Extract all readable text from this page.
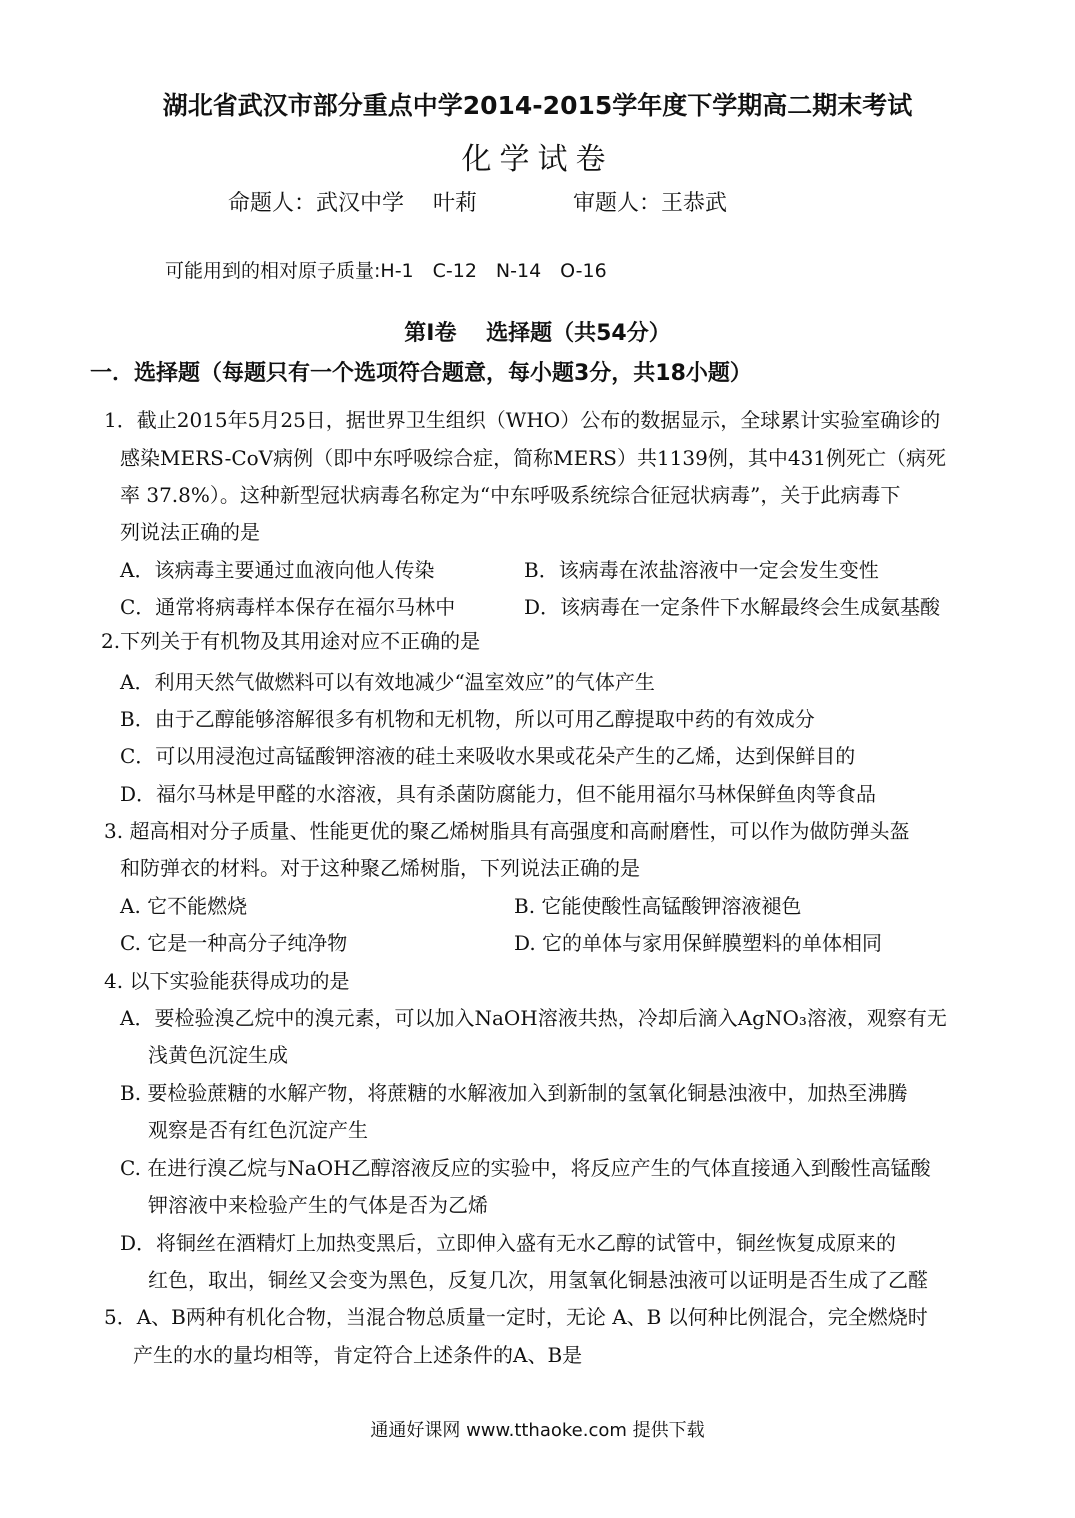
湖北省武汉市部分重点中学2014-2015学年度下学期高二期末考试
化学试卷
命题人：武汉中学　 叶莉	审题人：王恭武
可能用到的相对原子质量:H-1　C-12　N-14　O-16
第Ⅰ卷　 选择题（共54分）
一．选择题（每题只有一个选项符合题意，每小题3分，共18小题）
1．截止2015年5月25日，据世界卫生组织（WHO）公布的数据显示，全球累计实验室确诊的
感染MERS-CoV病例（即中东呼吸综合症，简称MERS）共1139例，其中431例死亡（病死
率 37.8%）。这种新型冠状病毒名称定为“中东呼吸系统综合征冠状病毒”，关于此病毒下
列说法正确的是
A．该病毒主要通过血液向他人传染	B．该病毒在浓盐溶液中一定会发生变性
C．通常将病毒样本保存在福尔马林中	D．该病毒在一定条件下水解最终会生成氨基酸
2.下列关于有机物及其用途对应不正确的是
A．利用天然气做燃料可以有效地减少“温室效应”的气体产生
B．由于乙醇能够溶解很多有机物和无机物，所以可用乙醇提取中药的有效成分
C．可以用浸泡过高锰酸钾溶液的硅土来吸收水果或花朵产生的乙烯，达到保鲜目的
D．福尔马林是甲醛的水溶液，具有杀菌防腐能力，但不能用福尔马林保鲜鱼肉等食品
3. 超高相对分子质量、性能更优的聚乙烯树脂具有高强度和高耐磨性，可以作为做防弹头盔
和防弹衣的材料。对于这种聚乙烯树脂，下列说法正确的是
A. 它不能燃烧	B. 它能使酸性高锰酸钾溶液褪色
C. 它是一种高分子纯净物	D. 它的单体与家用保鲜膜塑料的单体相同
4. 以下实验能获得成功的是
A．要检验溴乙烷中的溴元素，可以加入NaOH溶液共热，冷却后滴入AgNO₃溶液，观察有无
浅黄色沉淀生成
B. 要检验蔗糖的水解产物，将蔗糖的水解液加入到新制的氢氧化铜悬浊液中，加热至沸腾
观察是否有红色沉淀产生
C. 在进行溴乙烷与NaOH乙醇溶液反应的实验中，将反应产生的气体直接通入到酸性高锰酸
钾溶液中来检验产生的气体是否为乙烯
D．将铜丝在酒精灯上加热变黑后，立即伸入盛有无水乙醇的试管中，铜丝恢复成原来的
红色，取出，铜丝又会变为黑色，反复几次，用氢氧化铜悬浊液可以证明是否生成了乙醛
5．A、B两种有机化合物，当混合物总质量一定时，无论 A、B 以何种比例混合，完全燃烧时
产生的水的量均相等，肯定符合上述条件的A、B是
通通好课网 www.tthaoke.com 提供下载
